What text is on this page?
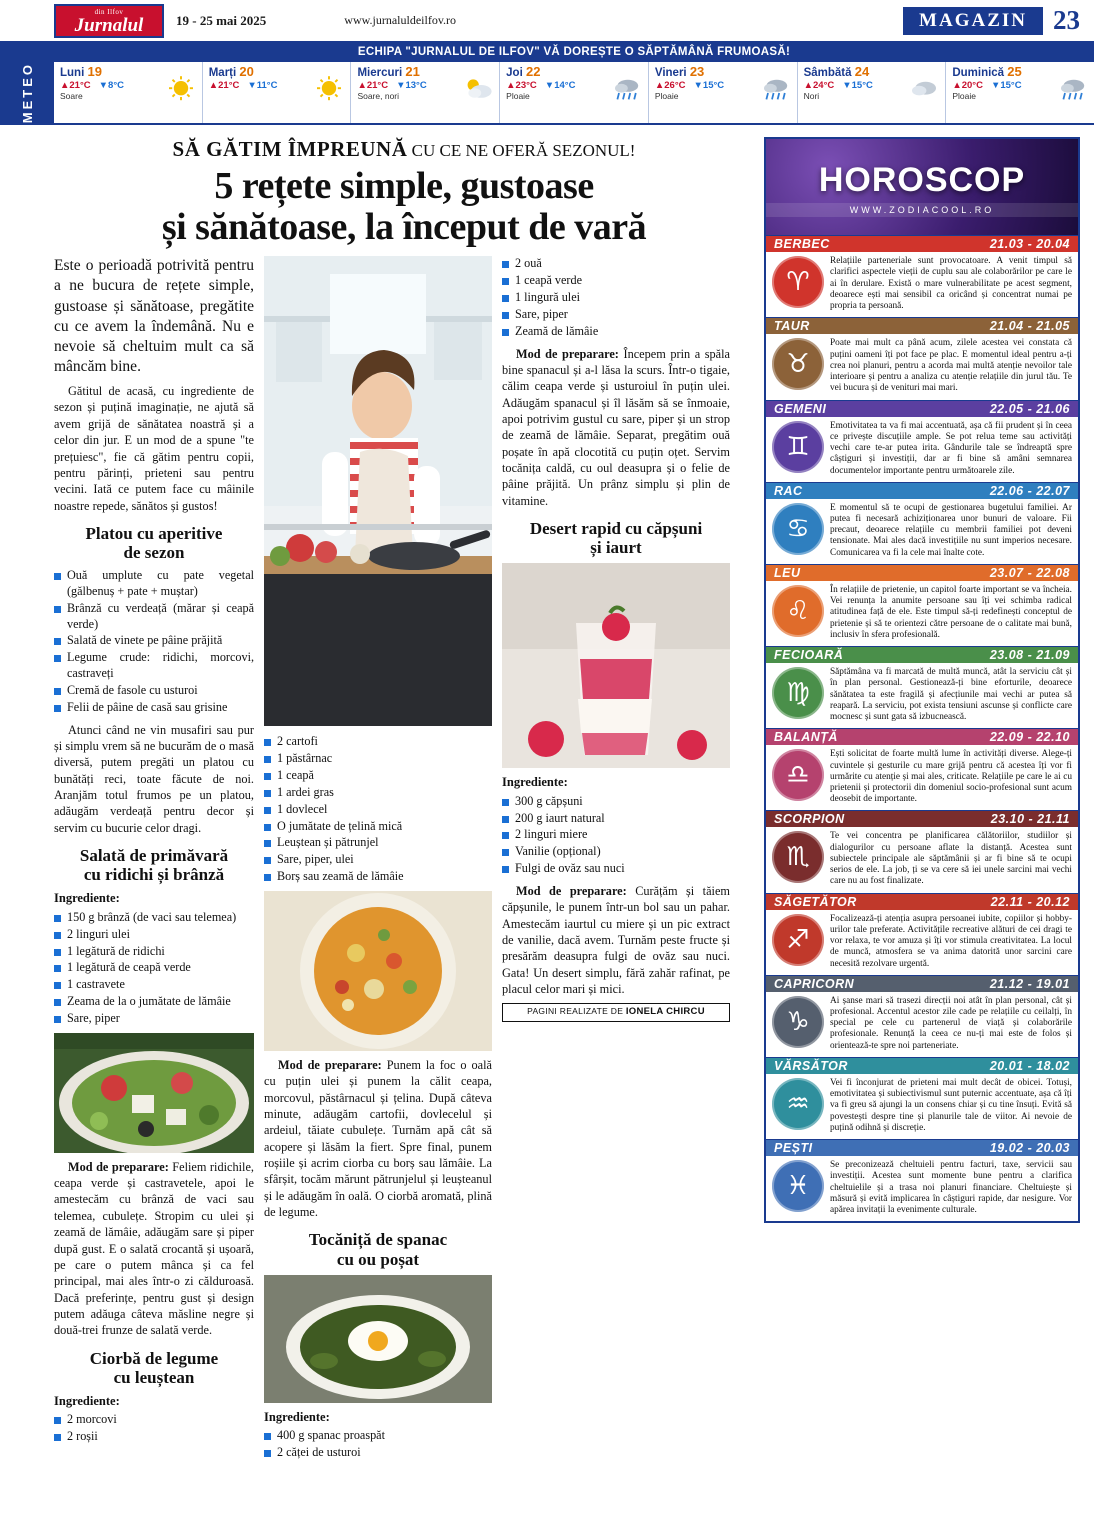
din Ilfov
Jurnalul	19 - 25 mai 2025	www.jurnaluldeilfov.ro	MAGAZIN 23
ECHIPA "JURNALUL DE ILFOV" VĂ DOREȘTE O SĂPTĂMÂNĂ FRUMOASĂ!
METEO Luni 19
▲21°C ▼8°C
Soare
Marți 20
▲21°C ▼11°C
Miercuri 21
▲21°C ▼13°C
Soare, nori
Joi 22
▲23°C ▼14°C
Ploaie
Vineri 23
▲26°C ▼15°C
Ploaie
Sâmbătă 24
▲24°C ▼15°C
Nori
Duminică 25
▲20°C ▼15°C
Ploaie
SĂ GĂTIM ÎMPREUNĂ CU CE NE OFERĂ SEZONUL!
5 rețete simple, gustoase
și sănătoase, la început de vară

Este o perioadă potrivită pentru a ne bucura de rețete simple, gustoase și sănătoase, pregătite cu ce avem la îndemână. Nu e nevoie să cheltuim mult ca să mâncăm bine.

Gătitul de acasă, cu ingrediente de sezon și puțină imaginație, ne ajută să avem grijă de sănătatea noastră și a celor din jur. E un mod de a spune "te prețuiesc", fie că gătim pentru copii, pentru părinți, prieteni sau pentru vecini. Iată ce putem face cu mâinile noastre repede, sănătos și gustos!

Platou cu aperitive
de sezon
Ouă umplute cu pate vegetal (gălbenuș + pate + muștar)
Brânză cu verdeață (mărar și ceapă verde)
Salată de vinete pe pâine prăjită
Legume crude: ridichi, morcovi, castraveți
Cremă de fasole cu usturoi
Felii de pâine de casă sau grisine

Atunci când ne vin musafiri sau pur și simplu vrem să ne bucurăm de o masă diversă, putem pregăti un platou cu bunătăți reci, toate făcute de noi. Aranjăm totul frumos pe un platou, adăugăm verdeață pentru decor și servim cu bucurie celor dragi.

Salată de primăvară
cu ridichi și brânză
Ingrediente:
150 g brânză (de vaci sau telemea)
2 linguri ulei
1 legătură de ridichi
1 legătură de ceapă verde
1 castravete
Zeama de la o jumătate de lămâie
Sare, piper

Mod de preparare: Feliem ridichile, ceapa verde și castravetele, apoi le amestecăm cu brânză de vaci sau telemea, cubulețe. Stropim cu ulei și zeamă de lămâie, adăugăm sare și piper după gust. E o salată crocantă și ușoară, pe care o putem mânca și ca fel principal, mai ales într-o zi călduroasă. Dacă preferințe, pentru gust și design putem adăuga câteva măsline negre și două-trei frunze de salată verde.

Ciorbă de legume
cu leuștean
Ingrediente:
2 morcovi
2 roșii
2 cartofi
1 păstârnac
1 ceapă
1 ardei gras
1 dovlecel
O jumătate de țelină mică
Leuștean și pătrunjel
Sare, piper, ulei
Borș sau zeamă de lămâie

Mod de preparare: Punem la foc o oală cu puțin ulei și punem la călit ceapa, morcovul, păstârnacul și țelina. După câteva minute, adăugăm cartofii, dovlecelul și ardeiul, tăiate cubulețe. Turnăm apă cât să acopere și lăsăm la fiert. Spre final, punem roșiile și acrim ciorba cu borș sau lămâie. La sfârșit, tocăm mărunt pătrunjelul și leușteanul și le adăugăm în oală. O ciorbă aromată, plină de legume.

Tocăniță de spanac
cu ou poșat
Ingrediente:
400 g spanac proaspăt
2 căței de usturoi
2 ouă
1 ceapă verde
1 lingură ulei
Sare, piper
Zeamă de lămâie

Mod de preparare: Începem prin a spăla bine spanacul și a-l lăsa la scurs. Într-o tigaie, călim ceapa verde și usturoiul în puțin ulei. Adăugăm spanacul și îl lăsăm să se înmoaie, apoi potrivim gustul cu sare, piper și un strop de zeamă de lămâie. Separat, pregătim ouă poșate în apă clocotită cu puțin oțet. Servim tocănița caldă, cu oul deasupra și o felie de pâine prăjită. Un prânz simplu și plin de vitamine.

Desert rapid cu căpșuni
și iaurt
Ingrediente:
300 g căpșuni
200 g iaurt natural
2 linguri miere
Vanilie (opțional)
Fulgi de ovăz sau nuci

Mod de preparare: Curățăm și tăiem căpșunile, le punem într-un bol sau un pahar. Amestecăm iaurtul cu miere și un pic extract de vanilie, dacă avem. Turnăm peste fructe și presărăm deasupra fulgi de ovăz sau nuci. Gata! Un desert simplu, fără zahăr rafinat, pe placul celor mari și mici.

PAGINI REALIZATE DE IONELA CHIRCU
HOROSCOP
WWW.ZODIACOOL.RO
BERBEC	21.03 - 20.04
♈
Relațiile parteneriale sunt provocatoare. A venit timpul să clarifici aspectele vieții de cuplu sau ale colaborărilor pe care le ai în derulare. Există o mare vulnerabilitate pe acest segment, deoarece ești mai sensibil ca oricând și concentrat numai pe propria ta persoană.
TAUR	21.04 - 21.05
♉
Poate mai mult ca până acum, zilele acestea vei constata că puțini oameni îți pot face pe plac. E momentul ideal pentru a-ți crea noi planuri, pentru a acorda mai multă atenție nevoilor tale interioare și pentru a analiza cu atenție relațiile din jurul tău. Te vei bucura și de venituri mai mari.
GEMENI	22.05 - 21.06
♊
Emotivitatea ta va fi mai accentuată, așa că fii prudent și în ceea ce privește discuțiile ample. Se pot relua teme sau activități vechi care te-ar putea irita. Gândurile tale se îndreaptă spre câștiguri și investiții, dar ar fi bine să amâni semnarea documentelor importante pentru următoarele zile.
RAC	22.06 - 22.07
♋
E momentul să te ocupi de gestionarea bugetului familiei. Ar putea fi necesară achiziționarea unor bunuri de valoare. Fii precaut, deoarece relațiile cu membrii familiei pot deveni tensionate. Mai ales dacă investițiile nu sunt imperios necesare. Comunicarea va fi la cele mai înalte cote.
LEU	23.07 - 22.08
♌
În relațiile de prietenie, un capitol foarte important se va încheia. Vei renunța la anumite persoane sau îți vei schimba radical atitudinea față de ele. Este timpul să-ți redefinești conceptul de prietenie și să te orientezi către persoane de o calitate mai bună, inclusiv în sfera profesională.
FECIOARĂ	23.08 - 21.09
♍
Săptămâna va fi marcată de multă muncă, atât la serviciu cât și în plan personal. Gestionează-ți bine eforturile, deoarece sănătatea ta este fragilă și afecțiunile mai vechi ar putea să reapară. La serviciu, pot exista tensiuni ascunse și conflicte care mocnesc și sunt gata să izbucnească.
BALANȚĂ	22.09 - 22.10
♎
Ești solicitat de foarte multă lume în activități diverse. Alege-ți cuvintele și gesturile cu mare grijă pentru că acestea îți vor fi urmărite cu atenție și mai ales, criticate. Relațiile pe care le ai cu prietenii și protectorii din domeniul socio-profesional sunt acum deosebit de importante.
SCORPION	23.10 - 21.11
♏
Te vei concentra pe planificarea călătoriilor, studiilor și dialogurilor cu persoane aflate la distanță. Acestea sunt subiectele principale ale săptămânii și ar fi bine să te ocupi serios de ele. La job, ți se va cere să iei unele sarcini mai vechi care nu au fost finalizate.
SĂGETĂTOR	22.11 - 20.12
♐
Focalizează-ți atenția asupra persoanei iubite, copiilor și hobby-urilor tale preferate. Activitățile recreative alături de cei dragi te vor relaxa, te vor amuza și îți vor stimula creativitatea. La locul de muncă, atmosfera se va anima datorită unor sarcini care necesită rezolvare urgentă.
CAPRICORN	21.12 - 19.01
♑
Ai șanse mari să trasezi direcții noi atât în plan personal, cât și profesional. Accentul acestor zile cade pe relațiile cu ceilalți, în special pe cele cu partenerul de viață și colaborările profesionale. Renunță la ceea ce nu-ți mai este de folos și orientează-te spre noi parteneriate.
VĂRSĂTOR	20.01 - 18.02
♒
Vei fi înconjurat de prieteni mai mult decât de obicei. Totuși, emotivitatea și subiectivismul sunt puternic accentuate, așa că îți va fi greu să ajungi la un consens chiar și cu tine însuți. Evită să povestești despre tine și planurile tale de viitor. Ai nevoie de puțină odihnă și discreție.
PEȘTI	19.02 - 20.03
♓
Se preconizează cheltuieli pentru facturi, taxe, servicii sau investiții. Acestea sunt momente bune pentru a clarifica cheltuielile și a trasa noi planuri financiare. Cheltuiește și măsură și evită implicarea în câștiguri rapide, dar nesigure. Vor apărea invitații la evenimente culturale.
